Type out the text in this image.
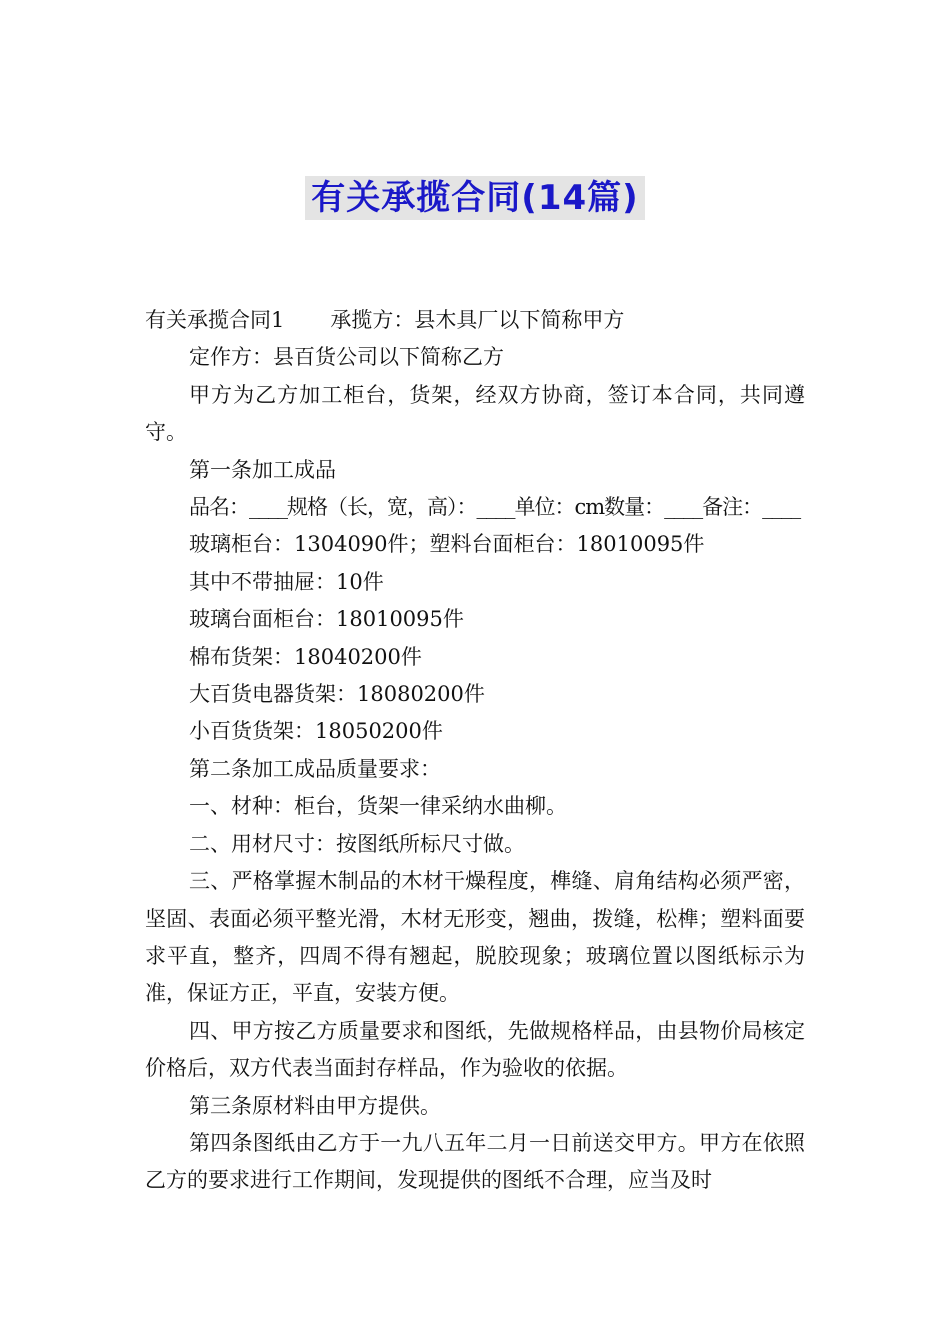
有关承揽合同(14篇)

有关承揽合同1 承揽方：县木具厂以下简称甲方

定作方：县百货公司以下简称乙方

甲方为乙方加工柜台，货架，经双方协商，签订本合同，共同遵守。

第一条加工成品

品名：____规格（长，宽，高）：____单位：cm数量：____备注：____

玻璃柜台：1304090件；塑料台面柜台：18010095件

其中不带抽屉：10件

玻璃台面柜台：18010095件

棉布货架：18040200件

大百货电器货架：18080200件

小百货货架：18050200件

第二条加工成品质量要求：

一、材种：柜台，货架一律采纳水曲柳。

二、用材尺寸：按图纸所标尺寸做。

三、严格掌握木制品的木材干燥程度，榫缝、肩角结构必须严密，坚固、表面必须平整光滑，木材无形变，翘曲，拨缝，松榫；塑料面要求平直，整齐，四周不得有翘起，脱胶现象；玻璃位置以图纸标示为准，保证方正，平直，安装方便。

四、甲方按乙方质量要求和图纸，先做规格样品，由县物价局核定价格后，双方代表当面封存样品，作为验收的依据。

第三条原材料由甲方提供。

第四条图纸由乙方于一九八五年二月一日前送交甲方。甲方在依照乙方的要求进行工作期间，发现提供的图纸不合理，应当及时
